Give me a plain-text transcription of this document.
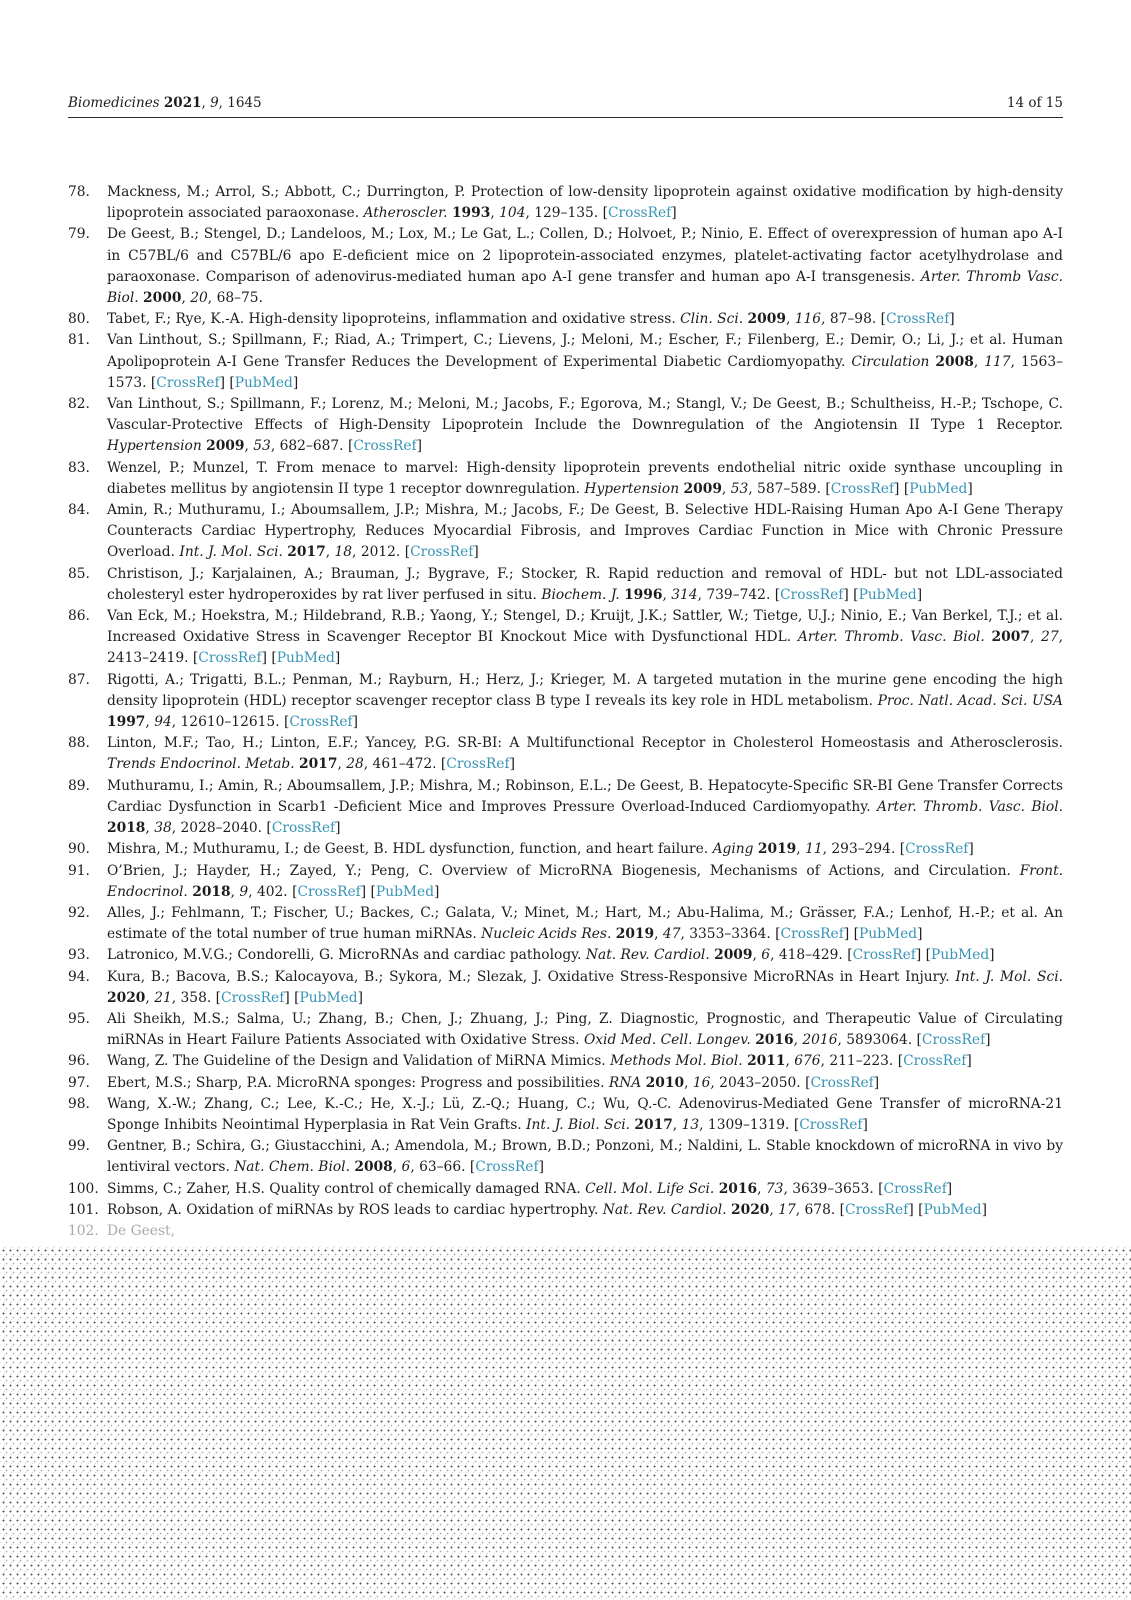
Biomedicines 2021, 9, 1645	14 of 15
78.	Mackness, M.; Arrol, S.; Abbott, C.; Durrington, P. Protection of low-density lipoprotein against oxidative modification by high-density lipoprotein associated paraoxonase. Atheroscler. 1993, 104, 129–135. [ CrossRef ]
79.	De Geest, B.; Stengel, D.; Landeloos, M.; Lox, M.; Le Gat, L.; Collen, D.; Holvoet, P.; Ninio, E. Effect of overexpression of human apo A-I in C57BL/6 and C57BL/6 apo E-deficient mice on 2 lipoprotein-associated enzymes, platelet-activating factor acetylhydrolase and paraoxonase. Comparison of adenovirus-mediated human apo A-I gene transfer and human apo A-I transgenesis. Arter. Thromb Vasc. Biol. 2000, 20, 68–75.
80.	Tabet, F.; Rye, K.-A. High-density lipoproteins, inflammation and oxidative stress. Clin. Sci. 2009, 116, 87–98. [ CrossRef ]
81.	Van Linthout, S.; Spillmann, F.; Riad, A.; Trimpert, C.; Lievens, J.; Meloni, M.; Escher, F.; Filenberg, E.; Demir, O.; Li, J.; et al. Human Apolipoprotein A-I Gene Transfer Reduces the Development of Experimental Diabetic Cardiomyopathy. Circulation 2008, 117, 1563–1573. [ CrossRef ] [ PubMed ]
82.	Van Linthout, S.; Spillmann, F.; Lorenz, M.; Meloni, M.; Jacobs, F.; Egorova, M.; Stangl, V.; De Geest, B.; Schultheiss, H.-P.; Tschope, C. Vascular-Protective Effects of High-Density Lipoprotein Include the Downregulation of the Angiotensin II Type 1 Receptor. Hypertension 2009, 53, 682–687. [ CrossRef ]
83.	Wenzel, P.; Munzel, T. From menace to marvel: High-density lipoprotein prevents endothelial nitric oxide synthase uncoupling in diabetes mellitus by angiotensin II type 1 receptor downregulation. Hypertension 2009, 53, 587–589. [ CrossRef ] [ PubMed ]
84.	Amin, R.; Muthuramu, I.; Aboumsallem, J.P.; Mishra, M.; Jacobs, F.; De Geest, B. Selective HDL-Raising Human Apo A-I Gene Therapy Counteracts Cardiac Hypertrophy, Reduces Myocardial Fibrosis, and Improves Cardiac Function in Mice with Chronic Pressure Overload. Int. J. Mol. Sci. 2017, 18, 2012. [ CrossRef ]
85.	Christison, J.; Karjalainen, A.; Brauman, J.; Bygrave, F.; Stocker, R. Rapid reduction and removal of HDL- but not LDL-associated cholesteryl ester hydroperoxides by rat liver perfused in situ. Biochem. J. 1996, 314, 739–742. [ CrossRef ] [ PubMed ]
86.	Van Eck, M.; Hoekstra, M.; Hildebrand, R.B.; Yaong, Y.; Stengel, D.; Kruijt, J.K.; Sattler, W.; Tietge, U.J.; Ninio, E.; Van Berkel, T.J.; et al. Increased Oxidative Stress in Scavenger Receptor BI Knockout Mice with Dysfunctional HDL. Arter. Thromb. Vasc. Biol. 2007, 27, 2413–2419. [ CrossRef ] [ PubMed ]
87.	Rigotti, A.; Trigatti, B.L.; Penman, M.; Rayburn, H.; Herz, J.; Krieger, M. A targeted mutation in the murine gene encoding the high density lipoprotein (HDL) receptor scavenger receptor class B type I reveals its key role in HDL metabolism. Proc. Natl. Acad. Sci. USA 1997, 94, 12610–12615. [ CrossRef ]
88.	Linton, M.F.; Tao, H.; Linton, E.F.; Yancey, P.G. SR-BI: A Multifunctional Receptor in Cholesterol Homeostasis and Atherosclerosis. Trends Endocrinol. Metab. 2017, 28, 461–472. [ CrossRef ]
89.	Muthuramu, I.; Amin, R.; Aboumsallem, J.P.; Mishra, M.; Robinson, E.L.; De Geest, B. Hepatocyte-Specific SR-BI Gene Transfer Corrects Cardiac Dysfunction in Scarb1 -Deficient Mice and Improves Pressure Overload-Induced Cardiomyopathy. Arter. Thromb. Vasc. Biol. 2018, 38, 2028–2040. [ CrossRef ]
90.	Mishra, M.; Muthuramu, I.; de Geest, B. HDL dysfunction, function, and heart failure. Aging 2019, 11, 293–294. [ CrossRef ]
91.	O’Brien, J.; Hayder, H.; Zayed, Y.; Peng, C. Overview of MicroRNA Biogenesis, Mechanisms of Actions, and Circulation. Front. Endocrinol. 2018, 9, 402. [ CrossRef ] [ PubMed ]
92.	Alles, J.; Fehlmann, T.; Fischer, U.; Backes, C.; Galata, V.; Minet, M.; Hart, M.; Abu-Halima, M.; Grässer, F.A.; Lenhof, H.-P.; et al. An estimate of the total number of true human miRNAs. Nucleic Acids Res. 2019, 47, 3353–3364. [ CrossRef ] [ PubMed ]
93.	Latronico, M.V.G.; Condorelli, G. MicroRNAs and cardiac pathology. Nat. Rev. Cardiol. 2009, 6, 418–429. [ CrossRef ] [ PubMed ]
94.	Kura, B.; Bacova, B.S.; Kalocayova, B.; Sykora, M.; Slezak, J. Oxidative Stress-Responsive MicroRNAs in Heart Injury. Int. J. Mol. Sci. 2020, 21, 358. [ CrossRef ] [ PubMed ]
95.	Ali Sheikh, M.S.; Salma, U.; Zhang, B.; Chen, J.; Zhuang, J.; Ping, Z. Diagnostic, Prognostic, and Therapeutic Value of Circulating miRNAs in Heart Failure Patients Associated with Oxidative Stress. Oxid Med. Cell. Longev. 2016, 2016, 5893064. [ CrossRef ]
96.	Wang, Z. The Guideline of the Design and Validation of MiRNA Mimics. Methods Mol. Biol. 2011, 676, 211–223. [ CrossRef ]
97.	Ebert, M.S.; Sharp, P.A. MicroRNA sponges: Progress and possibilities. RNA 2010, 16, 2043–2050. [ CrossRef ]
98.	Wang, X.-W.; Zhang, C.; Lee, K.-C.; He, X.-J.; Lü, Z.-Q.; Huang, C.; Wu, Q.-C. Adenovirus-Mediated Gene Transfer of microRNA-21 Sponge Inhibits Neointimal Hyperplasia in Rat Vein Grafts. Int. J. Biol. Sci. 2017, 13, 1309–1319. [ CrossRef ]
99.	Gentner, B.; Schira, G.; Giustacchini, A.; Amendola, M.; Brown, B.D.; Ponzoni, M.; Naldini, L. Stable knockdown of microRNA in vivo by lentiviral vectors. Nat. Chem. Biol. 2008, 6, 63–66. [ CrossRef ]
100. Simms, C.; Zaher, H.S. Quality control of chemically damaged RNA. Cell. Mol. Life Sci. 2016, 73, 3639–3653. [ CrossRef ]
101. Robson, A. Oxidation of miRNAs by ROS leads to cardiac hypertrophy. Nat. Rev. Cardiol. 2020, 17, 678. [ CrossRef ] [ PubMed ]
102. De Geest,
